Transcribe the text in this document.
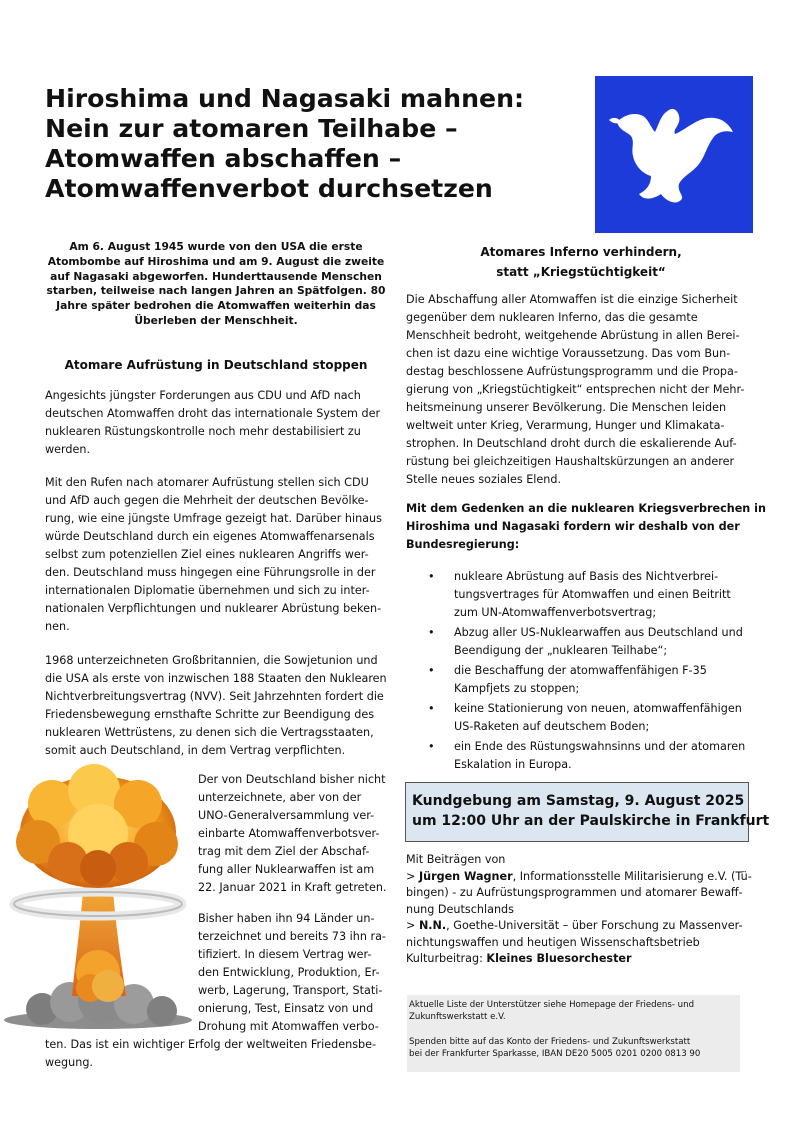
Hiroshima und Nagasaki mahnen:
Nein zur atomaren Teilhabe –
Atomwaffen abschaffen –
Atomwaffenverbot durchsetzen
Am 6. August 1945 wurde von den USA die erste
Atombombe auf Hiroshima und am 9. August die zweite
auf Nagasaki abgeworfen. Hunderttausende Menschen
starben, teilweise nach langen Jahren an Spätfolgen. 80
Jahre später bedrohen die Atomwaffen weiterhin das
Überleben der Menschheit.
Atomare Aufrüstung in Deutschland stoppen
Angesichts jüngster Forderungen aus CDU und AfD nach
deutschen Atomwaffen droht das internationale System der
nuklearen Rüstungskontrolle noch mehr destabilisiert zu
werden.
Mit den Rufen nach atomarer Aufrüstung stellen sich CDU
und AfD auch gegen die Mehrheit der deutschen Bevölke-
rung, wie eine jüngste Umfrage gezeigt hat. Darüber hinaus
würde Deutschland durch ein eigenes Atomwaffenarsenals
selbst zum potenziellen Ziel eines nuklearen Angriffs wer-
den. Deutschland muss hingegen eine Führungsrolle in der
internationalen Diplomatie übernehmen und sich zu inter-
nationalen Verpflichtungen und nuklearer Abrüstung beken-
nen.
1968 unterzeichneten Großbritannien, die Sowjetunion und
die USA als erste von inzwischen 188 Staaten den Nuklearen
Nichtverbreitungsvertrag (NVV). Seit Jahrzehnten fordert die
Friedensbewegung ernsthafte Schritte zur Beendigung des
nuklearen Wettrüstens, zu denen sich die Vertragsstaaten,
somit auch Deutschland, in dem Vertrag verpflichten.
Der von Deutschland bisher nicht
unterzeichnete, aber von der
UNO-Generalversammlung ver-
einbarte Atomwaffenverbotsver-
trag mit dem Ziel der Abschaf-
fung aller Nuklearwaffen ist am
22. Januar 2021 in Kraft getreten.
Bisher haben ihn 94 Länder un-
terzeichnet und bereits 73 ihn ra-
tifiziert. In diesem Vertrag wer-
den Entwicklung, Produktion, Er-
werb, Lagerung, Transport, Stati-
onierung, Test, Einsatz von und
Drohung mit Atomwaffen verbo-
ten. Das ist ein wichtiger Erfolg der weltweiten Friedensbe-
wegung.
Atomares Inferno verhindern,
statt „Kriegstüchtigkeit“
Die Abschaffung aller Atomwaffen ist die einzige Sicherheit
gegenüber dem nuklearen Inferno, das die gesamte
Menschheit bedroht, weitgehende Abrüstung in allen Berei-
chen ist dazu eine wichtige Voraussetzung. Das vom Bun-
destag beschlossene Aufrüstungsprogramm und die Propa-
gierung von „Kriegstüchtigkeit“ entsprechen nicht der Mehr-
heitsmeinung unserer Bevölkerung. Die Menschen leiden
weltweit unter Krieg, Verarmung, Hunger und Klimakata-
strophen. In Deutschland droht durch die eskalierende Auf-
rüstung bei gleichzeitigen Haushaltskürzungen an anderer
Stelle neues soziales Elend.
Mit dem Gedenken an die nuklearen Kriegsverbrechen in
Hiroshima und Nagasaki fordern wir deshalb von der
Bundesregierung:
• nukleare Abrüstung auf Basis des Nichtverbrei-
tungsvertrages für Atomwaffen und einen Beitritt
zum UN-Atomwaffenverbotsvertrag;
• Abzug aller US-Nuklearwaffen aus Deutschland und
Beendigung der „nuklearen Teilhabe“;
• die Beschaffung der atomwaffenfähigen F-35
Kampfjets zu stoppen;
• keine Stationierung von neuen, atomwaffenfähigen
US-Raketen auf deutschem Boden;
• ein Ende des Rüstungswahnsinns und der atomaren
Eskalation in Europa.
Kundgebung am Samstag, 9. August 2025
um 12:00 Uhr an der Paulskirche in Frankfurt
Mit Beiträgen von
> Jürgen Wagner, Informationsstelle Militarisierung e.V. (Tü-
bingen) - zu Aufrüstungsprogrammen und atomarer Bewaff-
nung Deutschlands
> N.N., Goethe-Universität – über Forschung zu Massenver-
nichtungswaffen und heutigen Wissenschaftsbetrieb
Kulturbeitrag: Kleines Bluesorchester
Aktuelle Liste der Unterstützer siehe Homepage der Friedens- und
Zukunftswerkstatt e.V.
Spenden bitte auf das Konto der Friedens- und Zukunftswerkstatt
bei der Frankfurter Sparkasse, IBAN DE20 5005 0201 0200 0813 90
